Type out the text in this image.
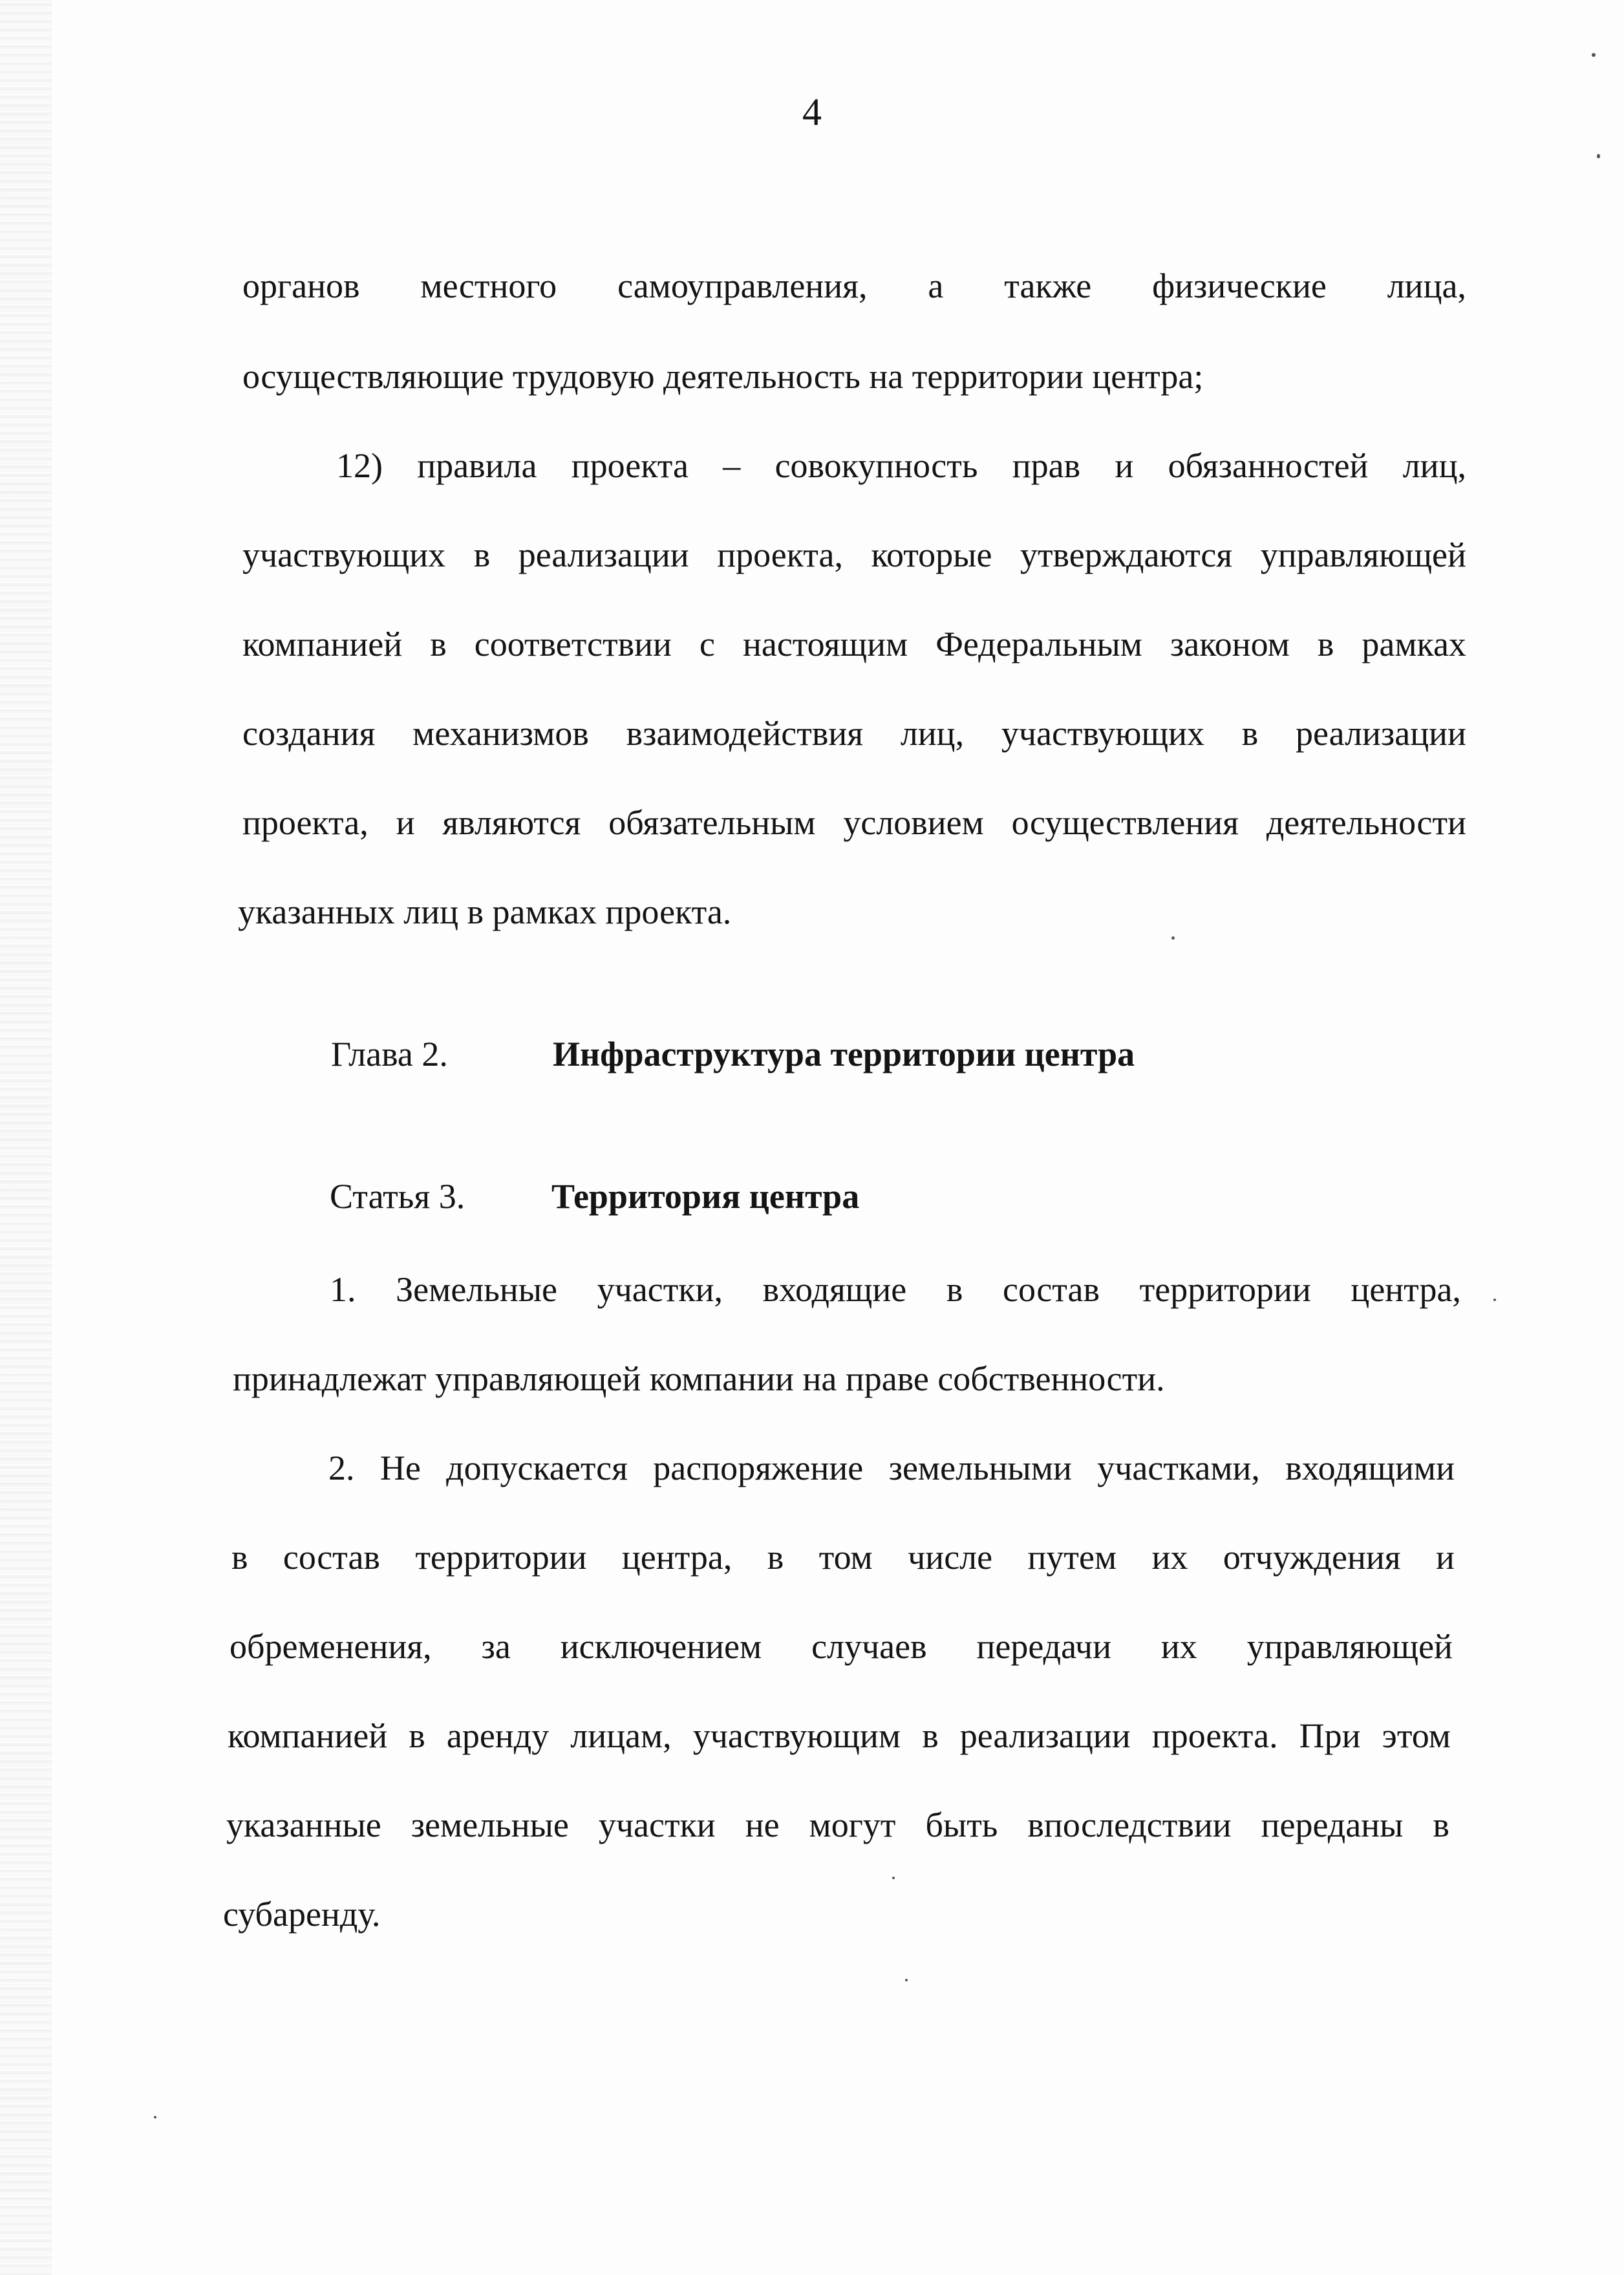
4
органов местного самоуправления, а также физические лица,
осуществляющие трудовую деятельность на территории центра;
12) правила проекта – совокупность прав и обязанностей лиц,
участвующих в реализации проекта, которые утверждаются управляющей
компанией в соответствии с настоящим Федеральным законом в рамках
создания механизмов взаимодействия лиц, участвующих в реализации
проекта, и являются обязательным условием осуществления деятельности
указанных лиц в рамках проекта.
Глава 2.	Инфраструктура территории центра
Статья 3. Территория центра
1. Земельные участки, входящие в состав территории центра,
принадлежат управляющей компании на праве собственности.
2. Не допускается распоряжение земельными участками, входящими
в состав территории центра, в том числе путем их отчуждения и
обременения, за исключением случаев передачи их управляющей
компанией в аренду лицам, участвующим в реализации проекта. При этом
указанные земельные участки не могут быть впоследствии переданы в
субаренду.
